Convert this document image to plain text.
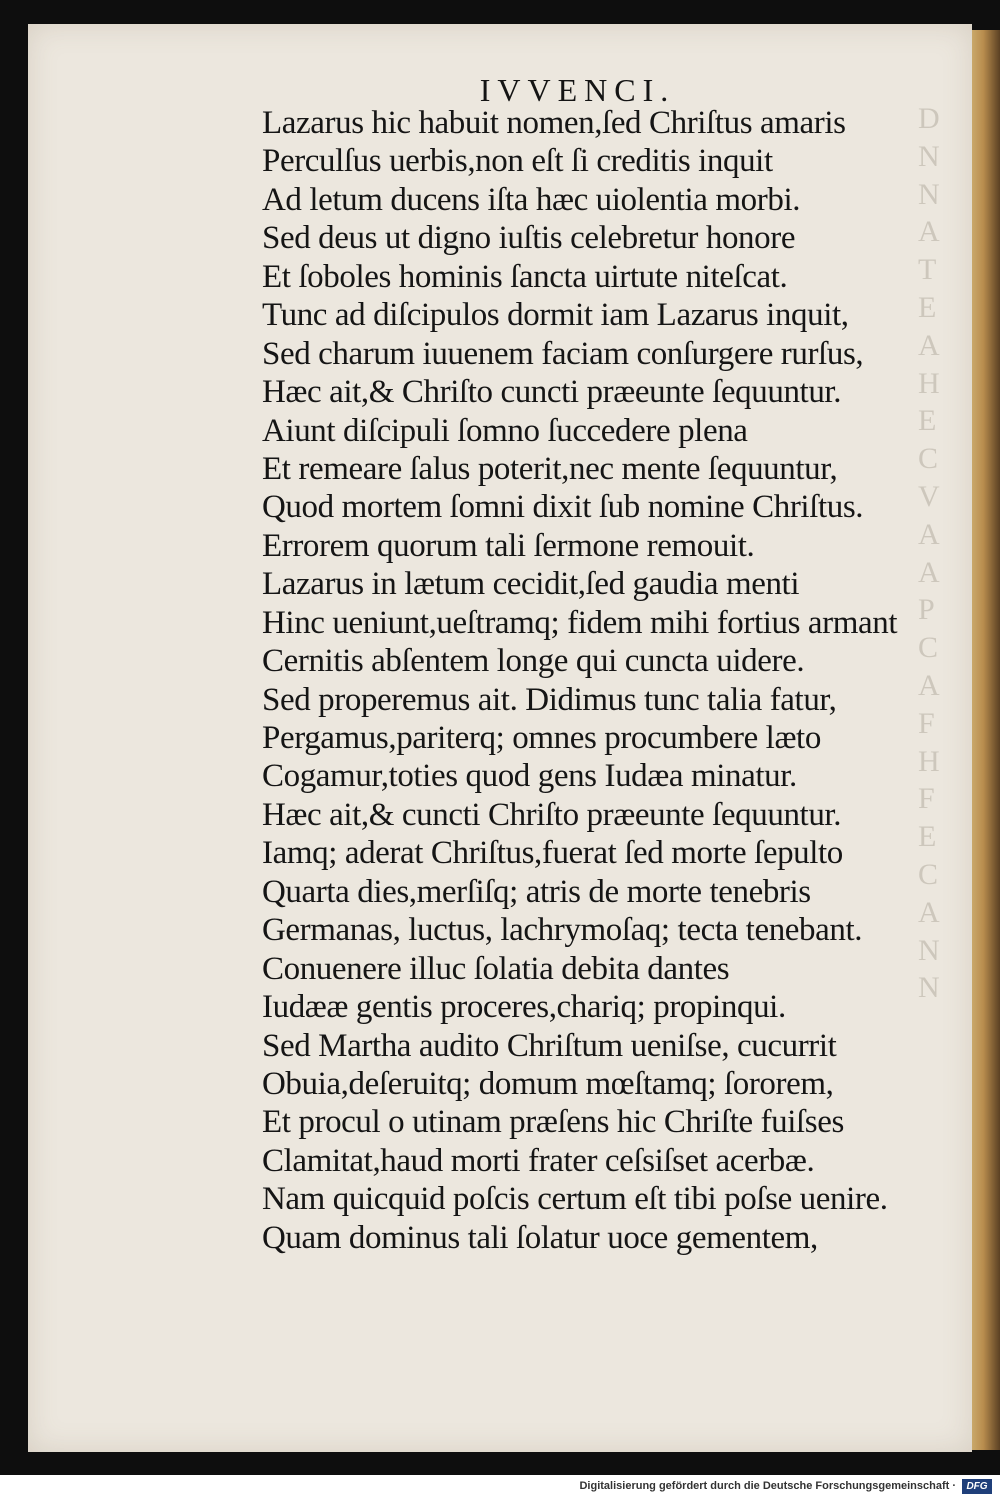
D
N
N
A
T
E
A
H
E
C
V
A
A
P
C
A
F
H
F
E
C
A
N
N
IVVENCI.
Lazarus hic habuit nomen,ſed Chriſtus amaris
Perculſus uerbis,non eſt ſi creditis inquit
Ad letum ducens iſta hæc uiolentia morbi.
Sed deus ut digno iuſtis celebretur honore
Et ſoboles hominis ſancta uirtute niteſcat.
Tunc ad diſcipulos dormit iam Lazarus inquit,
Sed charum iuuenem faciam conſurgere rurſus,
Hæc ait,& Chriſto cuncti præeunte ſequuntur.
Aiunt diſcipuli ſomno ſuccedere plena
Et remeare ſalus poterit,nec mente ſequuntur,
Quod mortem ſomni dixit ſub nomine Chriſtus.
Errorem quorum tali ſermone remouit.
Lazarus in lætum cecidit,ſed gaudia menti
Hinc ueniunt,ueſtramq; fidem mihi fortius armant
Cernitis abſentem longe qui cuncta uidere.
Sed properemus ait. Didimus tunc talia fatur,
Pergamus,pariterq; omnes procumbere læto
Cogamur,toties quod gens Iudæa minatur.
Hæc ait,& cuncti Chriſto præeunte ſequuntur.
Iamq; aderat Chriſtus,fuerat ſed morte ſepulto
Quarta dies,merſiſq; atris de morte tenebris
Germanas, luctus, lachrymoſaq; tecta tenebant.
Conuenere illuc ſolatia debita dantes
Iudææ gentis proceres,chariq; propinqui.
Sed Martha audito Chriſtum ueniſse, cucurrit
Obuia,deſeruitq; domum mœſtamq; ſororem,
Et procul o utinam præſens hic Chriſte fuiſses
Clamitat,haud morti frater ceſsiſset acerbæ.
Nam quicquid poſcis certum eſt tibi poſse uenire.
Quam dominus tali ſolatur uoce gementem,
Digitalisierung gefördert durch die Deutsche Forschungsgemeinschaft ·	DFG
